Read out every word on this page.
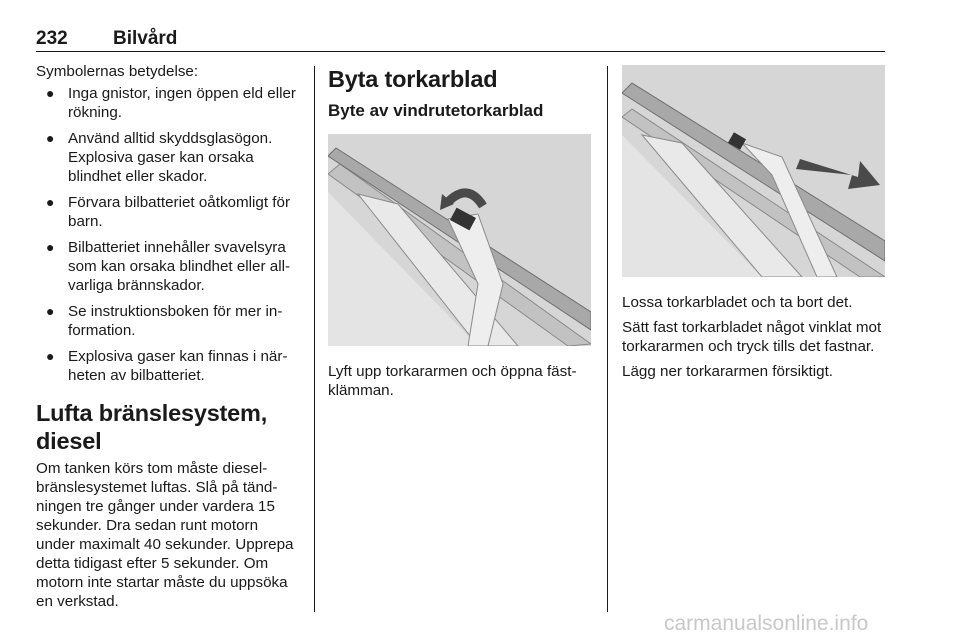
232 Bilvård

Symbolernas betydelse:

● Inga gnistor, ingen öppen eld eller rökning.
● Använd alltid skyddsglasögon. Explosiva gaser kan orsaka blindhet eller skador.
● Förvara bilbatteriet oåtkomligt för barn.
● Bilbatteriet innehåller svavelsyra som kan orsaka blindhet eller allvarliga brännskador.
● Se instruktionsboken för mer information.
● Explosiva gaser kan finnas i närheten av bilbatteriet.
Lufta bränslesystem, diesel

Om tanken körs tom måste dieselbränslesystemet luftas. Slå på tändningen tre gånger under vardera 15 sekunder. Dra sedan runt motorn under maximalt 40 sekunder. Upprepa detta tidigast efter 5 sekunder. Om motorn inte startar måste du uppsöka en verkstad.

Byta torkarblad
Byte av vindrutetorkarblad

Lyft upp torkararmen och öppna fästklämman.

Lossa torkarbladet och ta bort det.

Sätt fast torkarbladet något vinklat mot torkararmen och tryck tills det fastnar.

Lägg ner torkararmen försiktigt.

carmanualsonline.info
